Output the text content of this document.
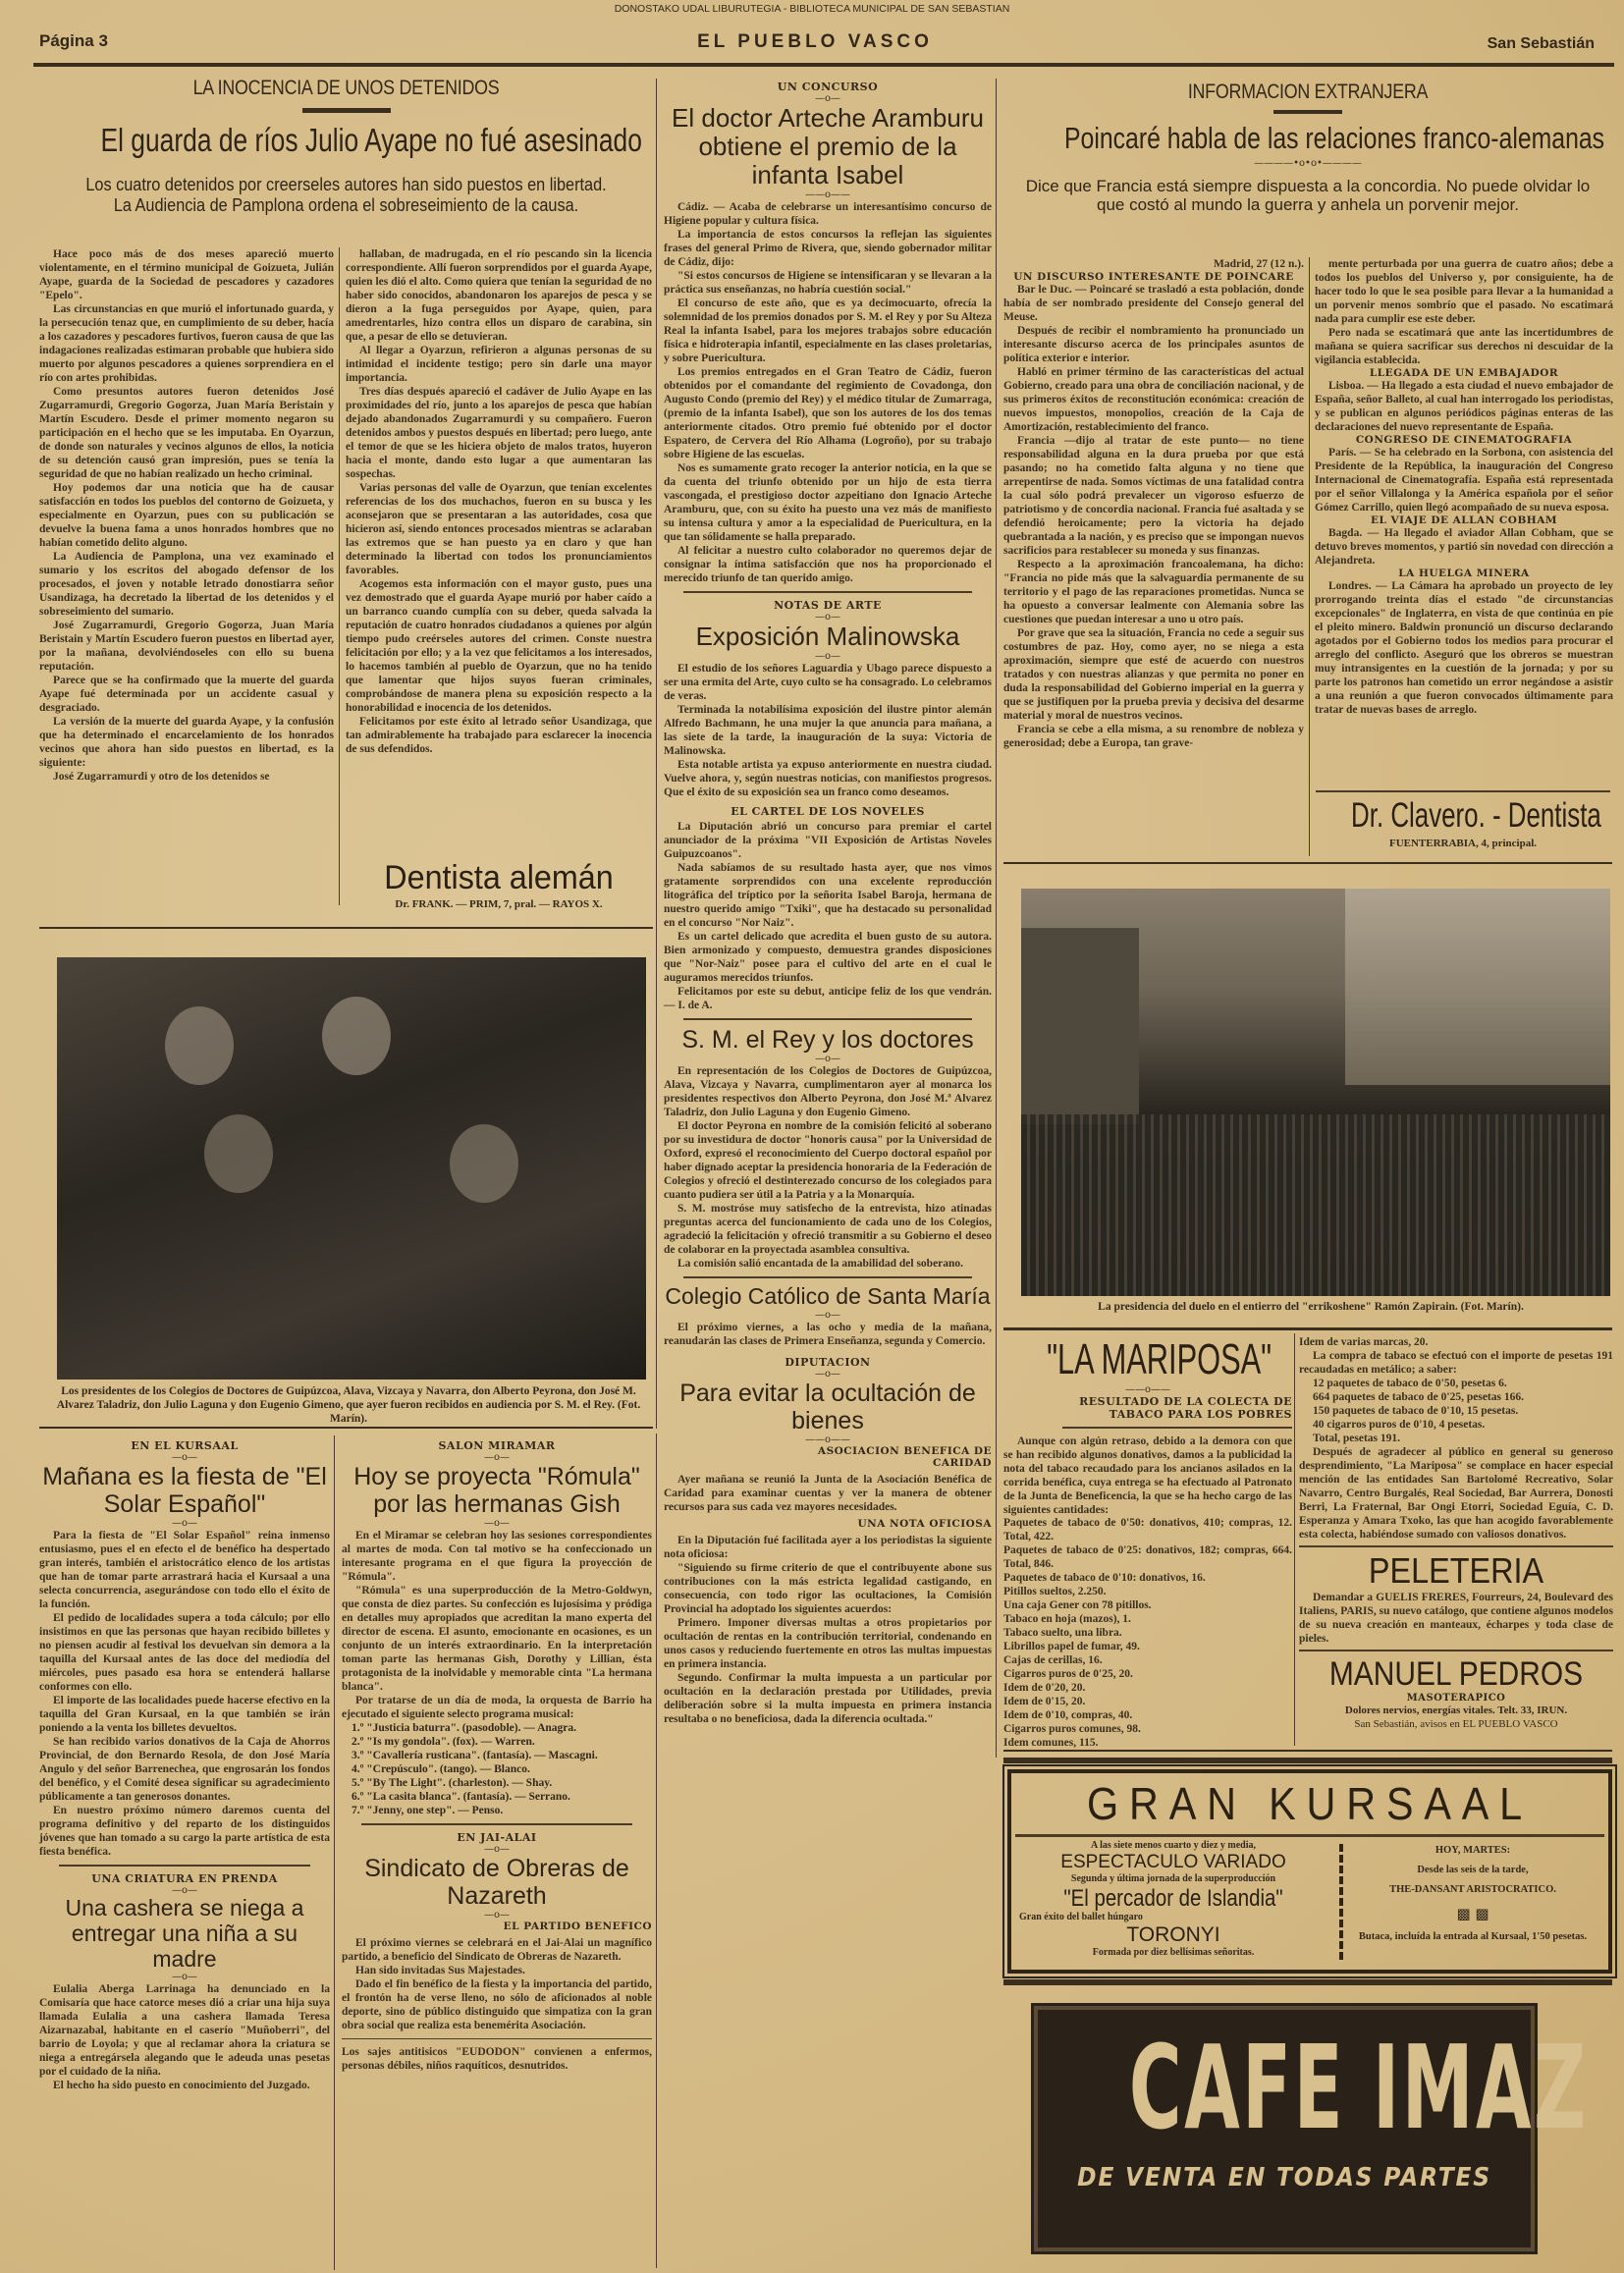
DONOSTAKO UDAL LIBURUTEGIA - BIBLIOTECA MUNICIPAL DE SAN SEBASTIAN
Página 3	EL PUEBLO VASCO	San Sebastián
LA INOCENCIA DE UNOS DETENIDOS
El guarda de ríos Julio Ayape no fué asesinado
Los cuatro detenidos por creerseles autores han sido puestos en libertad.
La Audiencia de Pamplona ordena el sobreseimiento de la causa.

Hace poco más de dos meses apareció muerto violentamente, en el término municipal de Goizueta, Julián Ayape, guarda de la Sociedad de pescadores y cazadores "Epelo".

Las circunstancias en que murió el infortunado guarda, y la persecución tenaz que, en cumplimiento de su deber, hacía a los cazadores y pescadores furtivos, fueron causa de que las indagaciones realizadas estimaran probable que hubiera sido muerto por algunos pescadores a quienes sorprendiera en el río con artes prohibidas.

Como presuntos autores fueron detenidos José Zugarramurdi, Gregorio Gogorza, Juan María Beristain y Martín Escudero. Desde el primer momento negaron su participación en el hecho que se les imputaba. En Oyarzun, de donde son naturales y vecinos algunos de ellos, la noticia de su detención causó gran impresión, pues se tenía la seguridad de que no habían realizado un hecho criminal.

Hoy podemos dar una noticia que ha de causar satisfacción en todos los pueblos del contorno de Goizueta, y especialmente en Oyarzun, pues con su publicación se devuelve la buena fama a unos honrados hombres que no habían cometido delito alguno.

La Audiencia de Pamplona, una vez examinado el sumario y los escritos del abogado defensor de los procesados, el joven y notable letrado donostiarra señor Usandizaga, ha decretado la libertad de los detenidos y el sobreseimiento del sumario.

José Zugarramurdi, Gregorio Gogorza, Juan María Beristain y Martín Escudero fueron puestos en libertad ayer, por la mañana, devolviéndoseles con ello su buena reputación.

Parece que se ha confirmado que la muerte del guarda Ayape fué determinada por un accidente casual y desgraciado.

La versión de la muerte del guarda Ayape, y la confusión que ha determinado el encarcelamiento de los honrados vecinos que ahora han sido puestos en libertad, es la siguiente:

José Zugarramurdi y otro de los detenidos se

hallaban, de madrugada, en el río pescando sin la licencia correspondiente. Allí fueron sorprendidos por el guarda Ayape, quien les dió el alto. Como quiera que tenían la seguridad de no haber sido conocidos, abandonaron los aparejos de pesca y se dieron a la fuga perseguidos por Ayape, quien, para amedrentarles, hizo contra ellos un disparo de carabina, sin que, a pesar de ello se detuvieran.

Al llegar a Oyarzun, refirieron a algunas personas de su intimidad el incidente testigo; pero sin darle una mayor importancia.

Tres días después apareció el cadáver de Julio Ayape en las proximidades del río, junto a los aparejos de pesca que habían dejado abandonados Zugarramurdi y su compañero. Fueron detenidos ambos y puestos después en libertad; pero luego, ante el temor de que se les hiciera objeto de malos tratos, huyeron hacia el monte, dando esto lugar a que aumentaran las sospechas.

Varias personas del valle de Oyarzun, que tenían excelentes referencias de los dos muchachos, fueron en su busca y les aconsejaron que se presentaran a las autoridades, cosa que hicieron así, siendo entonces procesados mientras se aclaraban las extremos que se han puesto ya en claro y que han determinado la libertad con todos los pronunciamientos favorables.

Acogemos esta información con el mayor gusto, pues una vez demostrado que el guarda Ayape murió por haber caído a un barranco cuando cumplía con su deber, queda salvada la reputación de cuatro honrados ciudadanos a quienes por algún tiempo pudo creérseles autores del crimen. Conste nuestra felicitación por ello; y a la vez que felicitamos a los interesados, lo hacemos también al pueblo de Oyarzun, que no ha tenido que lamentar que hijos suyos fueran criminales, comprobándose de manera plena su exposición respecto a la honorabilidad e inocencia de los detenidos.

Felicitamos por este éxito al letrado señor Usandizaga, que tan admirablemente ha trabajado para esclarecer la inocencia de sus defendidos.

Dentista alemán
Dr. FRANK. — PRIM, 7, pral. — RAYOS X.
Los presidentes de los Colegios de Doctores de Guipúzcoa, Alava, Vizcaya y Navarra, don Alberto Peyrona, don José M. Alvarez Taladriz, don Julio Laguna y don Eugenio Gimeno, que ayer fueron recibidos en audiencia por S. M. el Rey. (Fot. Marín).
EN EL KURSAAL
—o—
Mañana es la fiesta de "El Solar Español"
—o—

Para la fiesta de "El Solar Español" reina inmenso entusiasmo, pues el en efecto el de benéfico ha despertado gran interés, también el aristocrático elenco de los artistas que han de tomar parte arrastrará hacia el Kursaal a una selecta concurrencia, asegurándose con todo ello el éxito de la función.

El pedido de localidades supera a toda cálculo; por ello insistimos en que las personas que hayan recibido billetes y no piensen acudir al festival los devuelvan sin demora a la taquilla del Kursaal antes de las doce del mediodía del miércoles, pues pasado esa hora se entenderá hallarse conformes con ello.

El importe de las localidades puede hacerse efectivo en la taquilla del Gran Kursaal, en la que también se irán poniendo a la venta los billetes devueltos.

Se han recibido varios donativos de la Caja de Ahorros Provincial, de don Bernardo Resola, de don José María Angulo y del señor Barrenechea, que engrosarán los fondos del benéfico, y el Comité desea significar su agradecimiento públicamente a tan generosos donantes.

En nuestro próximo número daremos cuenta del programa definitivo y del reparto de los distinguidos jóvenes que han tomado a su cargo la parte artística de esta fiesta benéfica.

UNA CRIATURA EN PRENDA
—o—
Una cashera se niega a entregar una niña a su madre
—o—

Eulalia Aberga Larrinaga ha denunciado en la Comisaría que hace catorce meses dió a criar una hija suya llamada Eulalia a una cashera llamada Teresa Aizarnazabal, habitante en el caserío "Muñoberri", del barrio de Loyola; y que al reclamar ahora la criatura se niega a entregársela alegando que le adeuda unas pesetas por el cuidado de la niña.

El hecho ha sido puesto en conocimiento del Juzgado.

SALON MIRAMAR
—o—
Hoy se proyecta "Rómula" por las hermanas Gish
—o—

En el Miramar se celebran hoy las sesiones correspondientes al martes de moda. Con tal motivo se ha confeccionado un interesante programa en el que figura la proyección de "Rómula".

"Rómula" es una superproducción de la Metro-Goldwyn, que consta de diez partes. Su confección es lujosísima y pródiga en detalles muy apropiados que acreditan la mano experta del director de escena. El asunto, emocionante en ocasiones, es un conjunto de un interés extraordinario. En la interpretación toman parte las hermanas Gish, Dorothy y Lillian, ésta protagonista de la inolvidable y memorable cinta "La hermana blanca".

Por tratarse de un día de moda, la orquesta de Barrio ha ejecutado el siguiente selecto programa musical:

1.º "Justicia baturra". (pasodoble). — Anagra.
2.º "Is my gondola". (fox). — Warren.
3.º "Cavallería rusticana". (fantasía). — Mascagni.
4.º "Crepúsculo". (tango). — Blanco.
5.º "By The Light". (charleston). — Shay.
6.º "La casita blanca". (fantasía). — Serrano.
7.º "Jenny, one step". — Penso.
EN JAI-ALAI
—o—
Sindicato de Obreras de Nazareth
—o—
EL PARTIDO BENEFICO

El próximo viernes se celebrará en el Jai-Alai un magnífico partido, a beneficio del Sindicato de Obreras de Nazareth.

Han sido invitadas Sus Majestades.

Dado el fin benéfico de la fiesta y la importancia del partido, el frontón ha de verse lleno, no sólo de aficionados al noble deporte, sino de público distinguido que simpatiza con la gran obra social que realiza esta benemérita Asociación.

Los sajes antitisicos "EUDODON" convienen a enfermos, personas débiles, niños raquíticos, desnutridos.
UN CONCURSO
—o—
El doctor Arteche Aramburu obtiene el premio de la infanta Isabel
——o——

Cádiz. — Acaba de celebrarse un interesantísimo concurso de Higiene popular y cultura física.

La importancia de estos concursos la reflejan las siguientes frases del general Primo de Rivera, que, siendo gobernador militar de Cádiz, dijo:

"Si estos concursos de Higiene se intensificaran y se llevaran a la práctica sus enseñanzas, no habría cuestión social."

El concurso de este año, que es ya decimocuarto, ofrecía la solemnidad de los premios donados por S. M. el Rey y por Su Alteza Real la infanta Isabel, para los mejores trabajos sobre educación física e hidroterapia infantil, especialmente en las clases proletarias, y sobre Puericultura.

Los premios entregados en el Gran Teatro de Cádiz, fueron obtenidos por el comandante del regimiento de Covadonga, don Augusto Condo (premio del Rey) y el médico titular de Zumarraga, (premio de la infanta Isabel), que son los autores de los dos temas anteriormente citados. Otro premio fué obtenido por el doctor Espatero, de Cervera del Río Alhama (Logroño), por su trabajo sobre Higiene de las escuelas.

Nos es sumamente grato recoger la anterior noticia, en la que se da cuenta del triunfo obtenido por un hijo de esta tierra vascongada, el prestigioso doctor azpeitiano don Ignacio Arteche Aramburu, que, con su éxito ha puesto una vez más de manifiesto su intensa cultura y amor a la especialidad de Puericultura, en la que tan sólidamente se halla preparado.

Al felicitar a nuestro culto colaborador no queremos dejar de consignar la íntima satisfacción que nos ha proporcionado el merecido triunfo de tan querido amigo.

NOTAS DE ARTE
—o—
Exposición Malinowska
—o—

El estudio de los señores Laguardia y Ubago parece dispuesto a ser una ermita del Arte, cuyo culto se ha consagrado. Lo celebramos de veras.

Terminada la notabilísima exposición del ilustre pintor alemán Alfredo Bachmann, he una mujer la que anuncia para mañana, a las siete de la tarde, la inauguración de la suya: Victoria de Malinowska.

Esta notable artista ya expuso anteriormente en nuestra ciudad. Vuelve ahora, y, según nuestras noticias, con manifiestos progresos. Que el éxito de su exposición sea un franco como deseamos.

EL CARTEL DE LOS NOVELES

La Diputación abrió un concurso para premiar el cartel anunciador de la próxima "VII Exposición de Artistas Noveles Guipuzcoanos".

Nada sabíamos de su resultado hasta ayer, que nos vimos gratamente sorprendidos con una excelente reproducción litográfica del tríptico por la señorita Isabel Baroja, hermana de nuestro querido amigo "Txiki", que ha destacado su personalidad en el concurso "Nor Naiz".

Es un cartel delicado que acredita el buen gusto de su autora. Bien armonizado y compuesto, demuestra grandes disposiciones que "Nor-Naiz" posee para el cultivo del arte en el cual le auguramos merecidos triunfos.

Felicitamos por este su debut, anticipe feliz de los que vendrán. — I. de A.

S. M. el Rey y los doctores
—o—

En representación de los Colegios de Doctores de Guipúzcoa, Alava, Vizcaya y Navarra, cumplimentaron ayer al monarca los presidentes respectivos don Alberto Peyrona, don José M.ª Alvarez Taladriz, don Julio Laguna y don Eugenio Gimeno.

El doctor Peyrona en nombre de la comisión felicitó al soberano por su investidura de doctor "honoris causa" por la Universidad de Oxford, expresó el reconocimiento del Cuerpo doctoral español por haber dignado aceptar la presidencia honoraria de la Federación de Colegios y ofreció el destinterezado concurso de los colegiados para cuanto pudiera ser útil a la Patria y a la Monarquía.

S. M. mostróse muy satisfecho de la entrevista, hizo atinadas preguntas acerca del funcionamiento de cada uno de los Colegios, agradeció la felicitación y ofreció transmitir a su Gobierno el deseo de colaborar en la proyectada asamblea consultiva.

La comisión salió encantada de la amabilidad del soberano.

Colegio Católico de Santa María
—o—

El próximo viernes, a las ocho y media de la mañana, reanudarán las clases de Primera Enseñanza, segunda y Comercio.

DIPUTACION
—o—
Para evitar la ocultación de bienes
——o——
ASOCIACION BENEFICA DE CARIDAD

Ayer mañana se reunió la Junta de la Asociación Benéfica de Caridad para examinar cuentas y ver la manera de obtener recursos para sus cada vez mayores necesidades.

UNA NOTA OFICIOSA

En la Diputación fué facilitada ayer a los periodistas la siguiente nota oficiosa:

"Siguiendo su firme criterio de que el contribuyente abone sus contribuciones con la más estricta legalidad castigando, en consecuencia, con todo rigor las ocultaciones, la Comisión Provincial ha adoptado los siguientes acuerdos:

Primero. Imponer diversas multas a otros propietarios por ocultación de rentas en la contribución territorial, condenando en unos casos y reduciendo fuertemente en otros las multas impuestas en primera instancia.

Segundo. Confirmar la multa impuesta a un particular por ocultación en la declaración prestada por Utilidades, previa deliberación sobre si la multa impuesta en primera instancia resultaba o no beneficiosa, dada la diferencia ocultada."

INFORMACION EXTRANJERA
Poincaré habla de las relaciones franco-alemanas
————•o•o•————
Dice que Francia está siempre dispuesta a la concordia. No puede olvidar lo que costó al mundo la guerra y anhela un porvenir mejor.
Madrid, 27 (12 n.).
UN DISCURSO INTERESANTE DE POINCARE

Bar le Duc. — Poincaré se trasladó a esta población, donde había de ser nombrado presidente del Consejo general del Meuse.

Después de recibir el nombramiento ha pronunciado un interesante discurso acerca de los principales asuntos de política exterior e interior.

Habló en primer término de las características del actual Gobierno, creado para una obra de conciliación nacional, y de sus primeros éxitos de reconstitución económica: creación de nuevos impuestos, monopolios, creación de la Caja de Amortización, restablecimiento del franco.

Francia —dijo al tratar de este punto— no tiene responsabilidad alguna en la dura prueba por que está pasando; no ha cometido falta alguna y no tiene que arrepentirse de nada. Somos víctimas de una fatalidad contra la cual sólo podrá prevalecer un vigoroso esfuerzo de patriotismo y de concordia nacional. Francia fué asaltada y se defendió heroicamente; pero la victoria ha dejado quebrantada a la nación, y es preciso que se impongan nuevos sacrificios para restablecer su moneda y sus finanzas.

Respecto a la aproximación francoalemana, ha dicho: "Francia no pide más que la salvaguardia permanente de su territorio y el pago de las reparaciones prometidas. Nunca se ha opuesto a conversar lealmente con Alemania sobre las cuestiones que puedan interesar a uno u otro país.

Por grave que sea la situación, Francia no cede a seguir sus costumbres de paz. Hoy, como ayer, no se niega a esta aproximación, siempre que esté de acuerdo con nuestros tratados y con nuestras alianzas y que permita no poner en duda la responsabilidad del Gobierno imperial en la guerra y que se justifiquen por la prueba previa y decisiva del desarme material y moral de nuestros vecinos.

Francia se cebe a ella misma, a su renombre de nobleza y generosidad; debe a Europa, tan grave-

mente perturbada por una guerra de cuatro años; debe a todos los pueblos del Universo y, por consiguiente, ha de hacer todo lo que le sea posible para llevar a la humanidad a un porvenir menos sombrío que el pasado. No escatimará nada para cumplir ese este deber.

Pero nada se escatimará que ante las incertidumbres de mañana se quiera sacrificar sus derechos ni descuidar de la vigilancia establecida.

LLEGADA DE UN EMBAJADOR

Lisboa. — Ha llegado a esta ciudad el nuevo embajador de España, señor Balleto, al cual han interrogado los periodistas, y se publican en algunos periódicos páginas enteras de las declaraciones del nuevo representante de España.

CONGRESO DE CINEMATOGRAFIA

París. — Se ha celebrado en la Sorbona, con asistencia del Presidente de la República, la inauguración del Congreso Internacional de Cinematografía. España está representada por el señor Villalonga y la América española por el señor Gómez Carrillo, quien llegó acompañado de su nueva esposa.

EL VIAJE DE ALLAN COBHAM

Bagda. — Ha llegado el aviador Allan Cobham, que se detuvo breves momentos, y partió sin novedad con dirección a Alejandreta.

LA HUELGA MINERA

Londres. — La Cámara ha aprobado un proyecto de ley prorrogando treinta días el estado "de circunstancias excepcionales" de Inglaterra, en vista de que continúa en pie el pleito minero. Baldwin pronunció un discurso declarando agotados por el Gobierno todos los medios para procurar el arreglo del conflicto. Aseguró que los obreros se muestran muy intransigentes en la cuestión de la jornada; y por su parte los patronos han cometido un error negándose a asistir a una reunión a que fueron convocados últimamente para tratar de nuevas bases de arreglo.

Dr. Clavero. - Dentista
FUENTERRABIA, 4, principal.
La presidencia del duelo en el entierro del "errikoshene" Ramón Zapirain. (Fot. Marín).
"LA MARIPOSA"
——o——
RESULTADO DE LA COLECTA DE TABACO PARA LOS POBRES

Aunque con algún retraso, debido a la demora con que se han recibido algunos donativos, damos a la publicidad la nota del tabaco recaudado para los ancianos asilados en la corrida benéfica, cuya entrega se ha efectuado al Patronato de la Junta de Beneficencia, la que se ha hecho cargo de las siguientes cantidades:

Paquetes de tabaco de 0'50: donativos, 410; compras, 12. Total, 422.
Paquetes de tabaco de 0'25: donativos, 182; compras, 664. Total, 846.
Paquetes de tabaco de 0'10: donativos, 16.
Pitillos sueltos, 2.250.
Una caja Gener con 78 pitillos.
Tabaco en hoja (mazos), 1.
Tabaco suelto, una libra.
Librillos papel de fumar, 49.
Cajas de cerillas, 16.
Cigarros puros de 0'25, 20.
Idem de 0'20, 20.
Idem de 0'15, 20.
Idem de 0'10, compras, 40.
Cigarros puros comunes, 98.
Idem comunes, 115.
Idem de varias marcas, 20.

La compra de tabaco se efectuó con el importe de pesetas 191 recaudadas en metálico; a saber:

12 paquetes de tabaco de 0'50, pesetas 6.

664 paquetes de tabaco de 0'25, pesetas 166.

150 paquetes de tabaco de 0'10, 15 pesetas.

40 cigarros puros de 0'10, 4 pesetas.

Total, pesetas 191.

Después de agradecer al público en general su generoso desprendimiento, "La Mariposa" se complace en hacer especial mención de las entidades San Bartolomé Recreativo, Solar Navarro, Centro Burgalés, Real Sociedad, Bar Aurrera, Donosti Berri, La Fraternal, Bar Ongi Etorri, Sociedad Eguía, C. D. Esperanza y Amara Txoko, las que han acogido favorablemente esta colecta, habiéndose sumado con valiosos donativos.

PELETERIA

Demandar a GUELIS FRERES, Fourreurs, 24, Boulevard des Italiens, PARIS, su nuevo catálogo, que contiene algunos modelos de su nueva creación en manteaux, écharpes y toda clase de pieles.

MANUEL PEDROS
MASOTERAPICO
Dolores nervios, energías vitales. Telt. 33, IRUN.
San Sebastián, avisos en EL PUEBLO VASCO
GRAN KURSAAL
A las siete menos cuarto y diez y media,
ESPECTACULO VARIADO
Segunda y última jornada de la superproducción
"El percador de Islandia"
Gran éxito del ballet húngaro
TORONYI
Formada por diez bellísimas señoritas.
HOY, MARTES:
Desde las seis de la tarde,
THE-DANSANT ARISTOCRATICO.
▩ ▩
Butaca, incluída la entrada al Kursaal, 1'50 pesetas.
CAFE IMAZ
DE VENTA EN TODAS PARTES
